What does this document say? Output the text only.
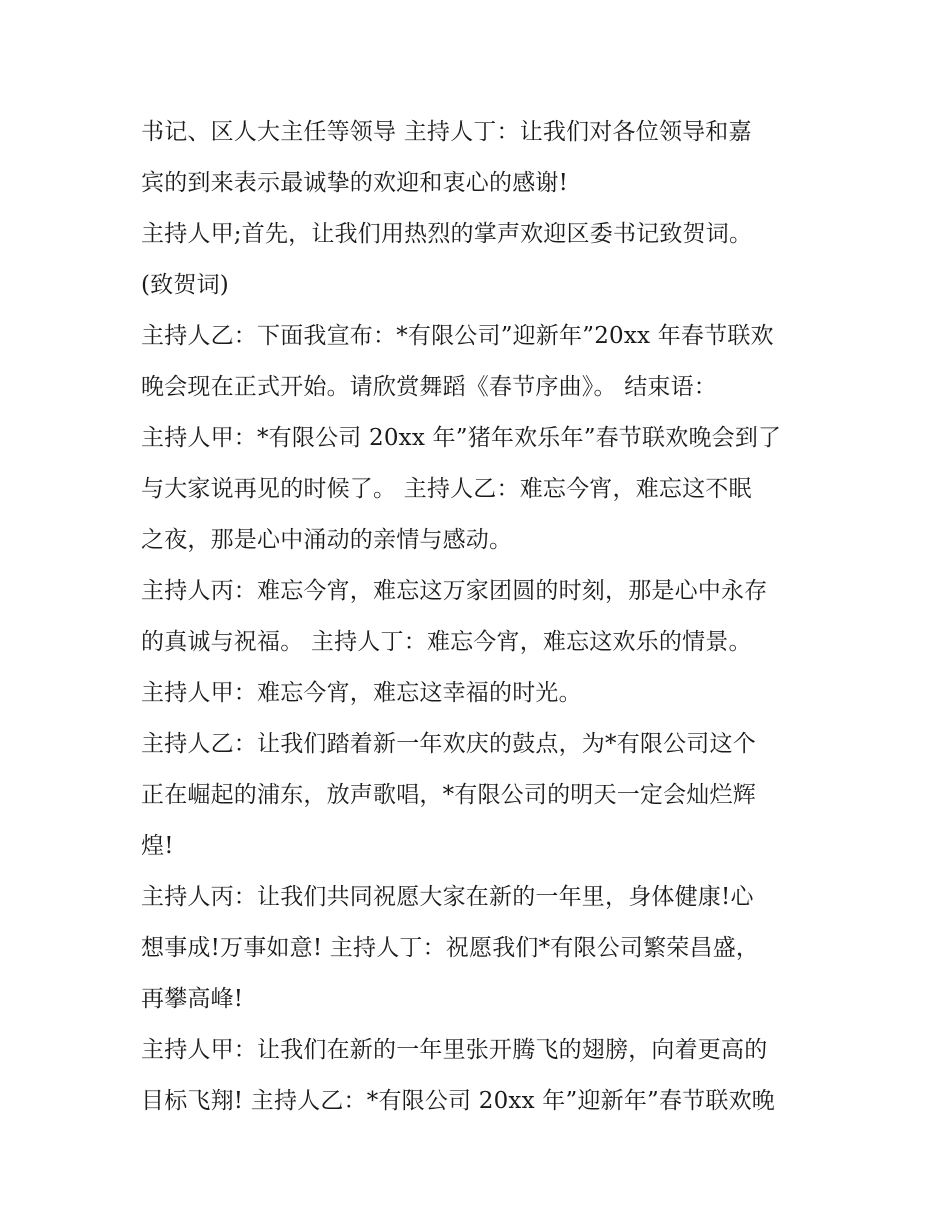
书记、区人大主任等领导 主持人丁：让我们对各位领导和嘉
宾的到来表示最诚挚的欢迎和衷心的感谢!
主持人甲;首先，让我们用热烈的掌声欢迎区委书记致贺词。
(致贺词)
主持人乙：下面我宣布：*有限公司”迎新年”20xx 年春节联欢
晚会现在正式开始。请欣赏舞蹈《春节序曲》。 结束语：
主持人甲：*有限公司 20xx 年”猪年欢乐年”春节联欢晚会到了
与大家说再见的时候了。 主持人乙：难忘今宵，难忘这不眠
之夜，那是心中涌动的亲情与感动。
主持人丙：难忘今宵，难忘这万家团圆的时刻，那是心中永存
的真诚与祝福。 主持人丁：难忘今宵，难忘这欢乐的情景。
主持人甲：难忘今宵，难忘这幸福的时光。
主持人乙：让我们踏着新一年欢庆的鼓点，为*有限公司这个
正在崛起的浦东，放声歌唱，*有限公司的明天一定会灿烂辉
煌!
主持人丙：让我们共同祝愿大家在新的一年里，身体健康!心
想事成!万事如意! 主持人丁：祝愿我们*有限公司繁荣昌盛，
再攀高峰!
主持人甲：让我们在新的一年里张开腾飞的翅膀，向着更高的
目标飞翔! 主持人乙：*有限公司 20xx 年”迎新年”春节联欢晚
